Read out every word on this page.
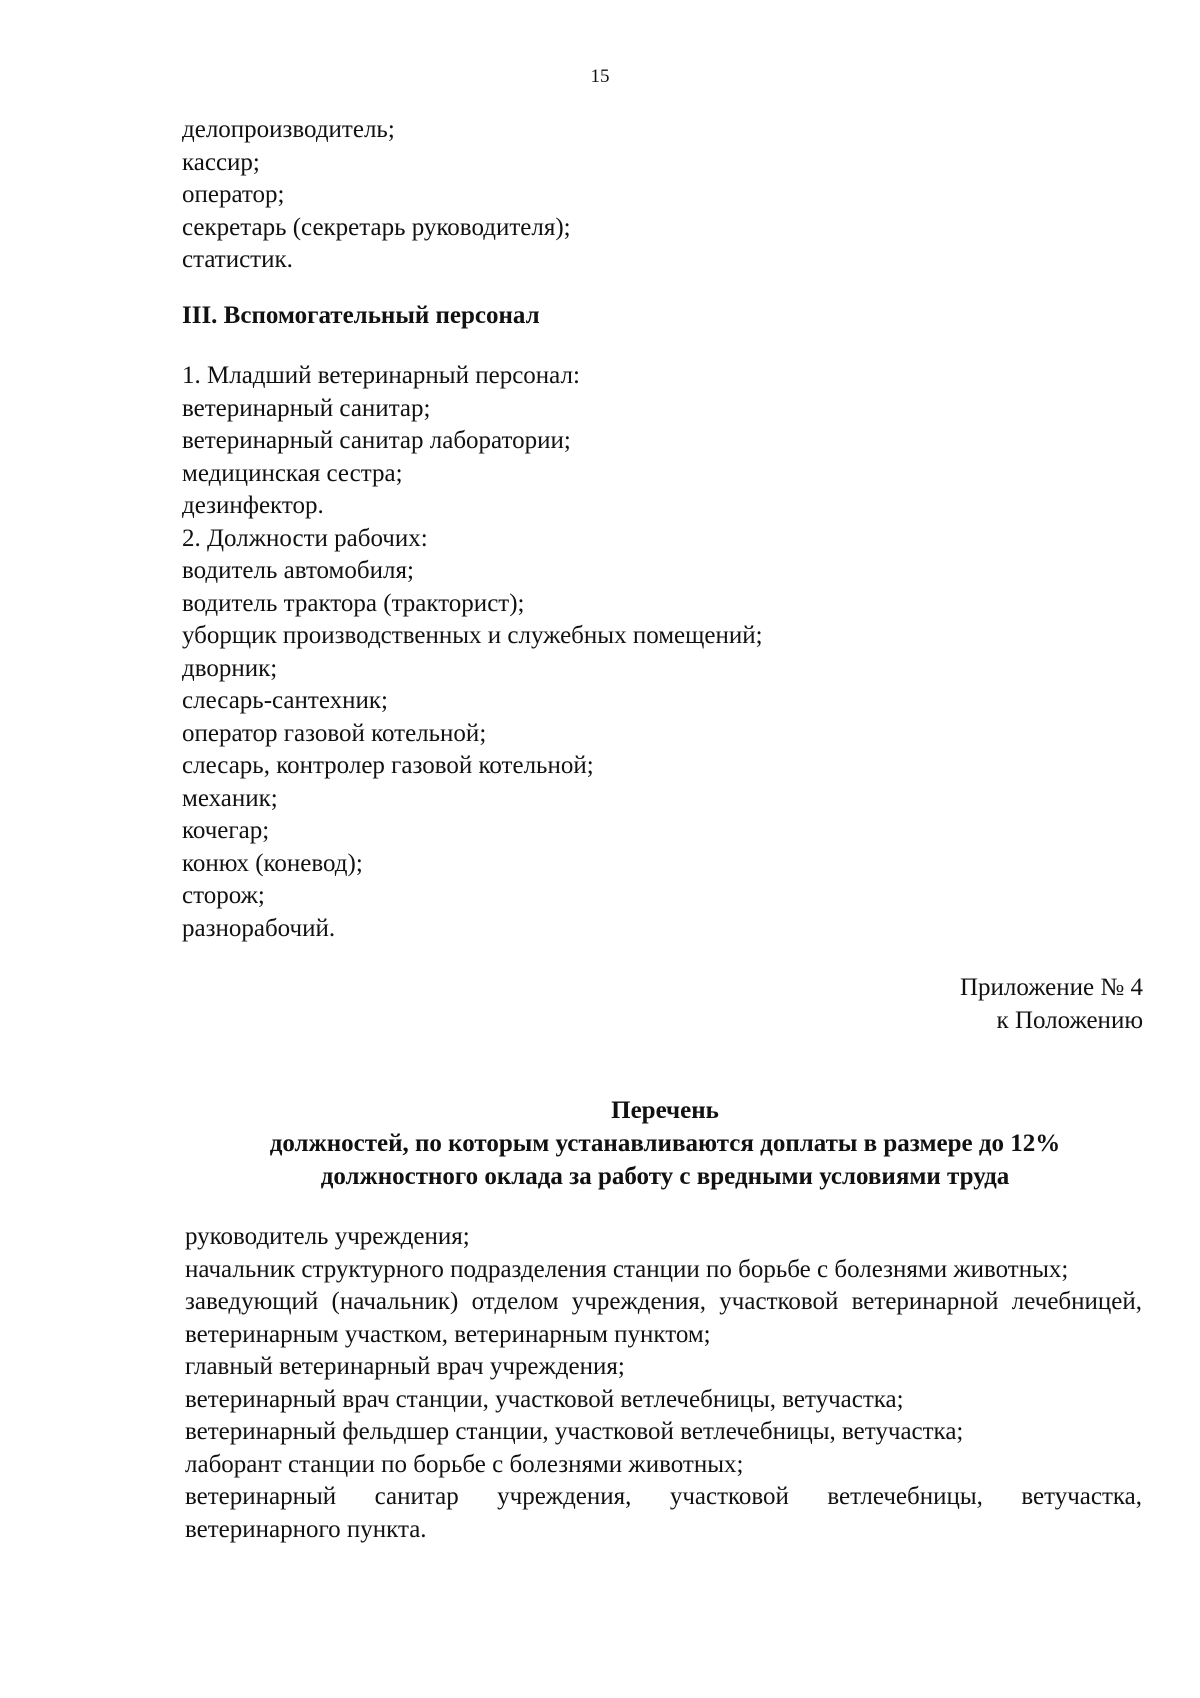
15
делопроизводитель;
кассир;
оператор;
секретарь (секретарь руководителя);
статистик.
III. Вспомогательный персонал
1. Младший ветеринарный персонал:
ветеринарный санитар;
ветеринарный санитар лаборатории;
медицинская сестра;
дезинфектор.
2. Должности рабочих:
водитель автомобиля;
водитель трактора (тракторист);
уборщик производственных и служебных помещений;
дворник;
слесарь-сантехник;
оператор газовой котельной;
слесарь, контролер газовой котельной;
механик;
кочегар;
конюх (коневод);
сторож;
разнорабочий.
Приложение № 4
к Положению
Перечень
должностей, по которым устанавливаются доплаты в размере до 12%
должностного оклада за работу с вредными условиями труда
руководитель учреждения;
начальник структурного подразделения станции по борьбе с болезнями животных;
заведующий (начальник) отделом учреждения, участковой ветеринарной лечебницей, ветеринарным участком, ветеринарным пунктом;
главный ветеринарный врач учреждения;
ветеринарный врач станции, участковой ветлечебницы, ветучастка;
ветеринарный фельдшер станции, участковой ветлечебницы, ветучастка;
лаборант станции по борьбе с болезнями животных;
ветеринарный санитар учреждения, участковой ветлечебницы, ветучастка, ветеринарного пункта.
